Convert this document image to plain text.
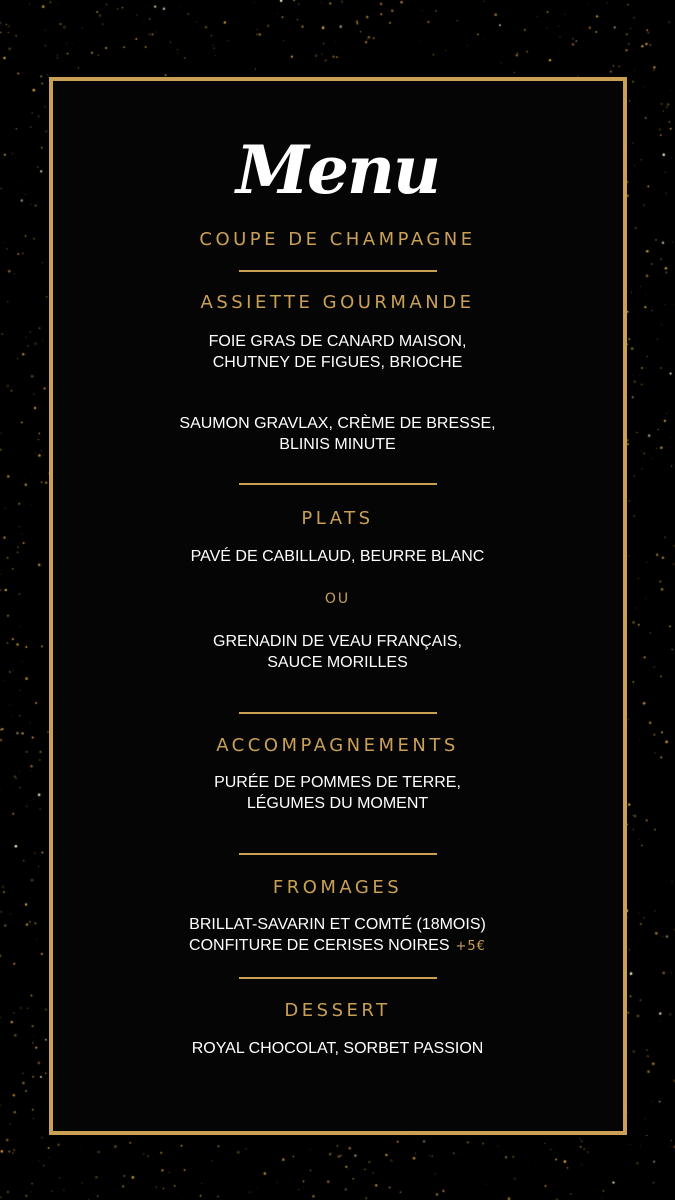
Menu
COUPE DE CHAMPAGNE
ASSIETTE GOURMANDE
FOIE GRAS DE CANARD MAISON,
CHUTNEY DE FIGUES, BRIOCHE
SAUMON GRAVLAX, CRÈME DE BRESSE,
BLINIS MINUTE
PLATS
PAVÉ DE CABILLAUD, BEURRE BLANC
OU
GRENADIN DE VEAU FRANÇAIS,
SAUCE MORILLES
ACCOMPAGNEMENTS
PURÉE DE POMMES DE TERRE,
LÉGUMES DU MOMENT
FROMAGES
BRILLAT-SAVARIN ET COMTÉ (18MOIS)
CONFITURE DE CERISES NOIRES +5€
DESSERT
ROYAL CHOCOLAT, SORBET PASSION
